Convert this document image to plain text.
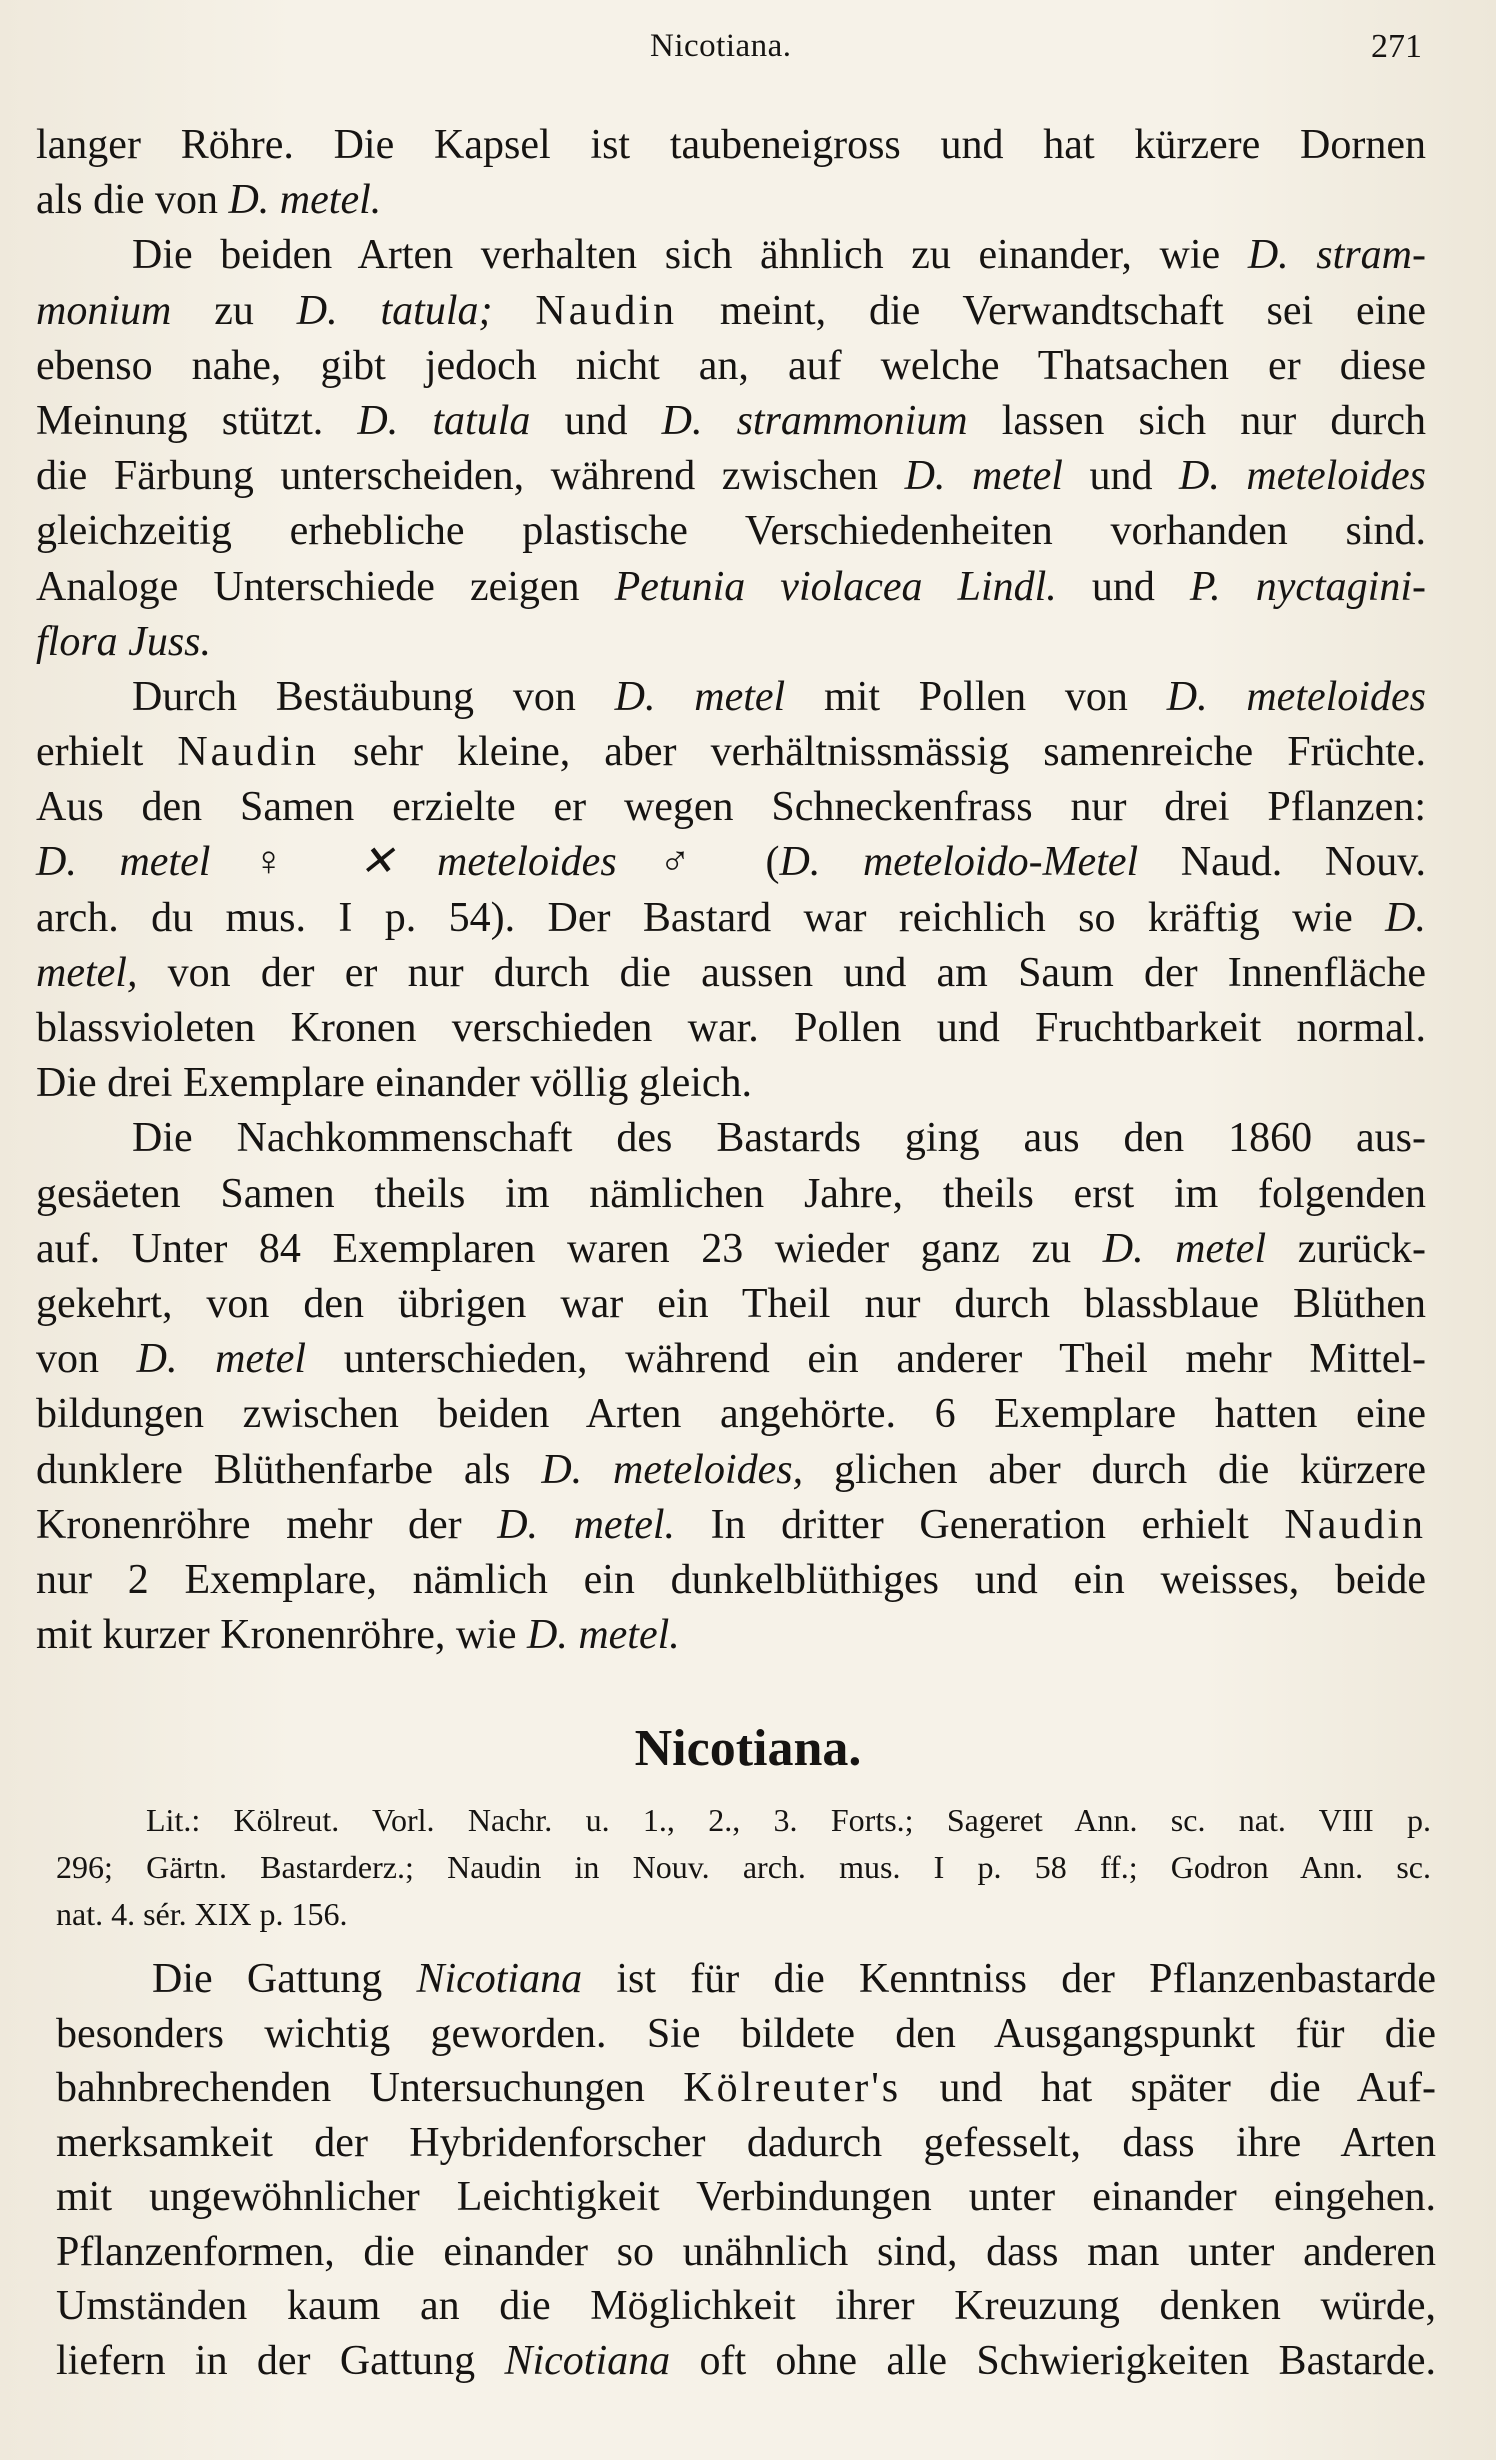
Nicotiana.	271
langer Röhre. Die Kapsel ist taubeneigross und hat kürzere Dornen
als die von D. metel.
Die beiden Arten verhalten sich ähnlich zu einander, wie D. stram-
monium zu D. tatula; Naudin meint, die Verwandtschaft sei eine
ebenso nahe, gibt jedoch nicht an, auf welche Thatsachen er diese
Meinung stützt. D. tatula und D. strammonium lassen sich nur durch
die Färbung unterscheiden, während zwischen D. metel und D. meteloides
gleichzeitig erhebliche plastische Verschiedenheiten vorhanden sind.
Analoge Unterschiede zeigen Petunia violacea Lindl. und P. nyctagini-
flora Juss.
Durch Bestäubung von D. metel mit Pollen von D. meteloides
erhielt Naudin sehr kleine, aber verhältnissmässig samenreiche Früchte.
Aus den Samen erzielte er wegen Schneckenfrass nur drei Pflanzen:
D. metel ♀ ✕ meteloides ♂ (D. meteloido-Metel Naud. Nouv.
arch. du mus. I p. 54). Der Bastard war reichlich so kräftig wie D.
metel, von der er nur durch die aussen und am Saum der Innenfläche
blassvioleten Kronen verschieden war. Pollen und Fruchtbarkeit normal.
Die drei Exemplare einander völlig gleich.
Die Nachkommenschaft des Bastards ging aus den 1860 aus-
gesäeten Samen theils im nämlichen Jahre, theils erst im folgenden
auf. Unter 84 Exemplaren waren 23 wieder ganz zu D. metel zurück-
gekehrt, von den übrigen war ein Theil nur durch blassblaue Blüthen
von D. metel unterschieden, während ein anderer Theil mehr Mittel-
bildungen zwischen beiden Arten angehörte. 6 Exemplare hatten eine
dunklere Blüthenfarbe als D. meteloides, glichen aber durch die kürzere
Kronenröhre mehr der D. metel. In dritter Generation erhielt Naudin
nur 2 Exemplare, nämlich ein dunkelblüthiges und ein weisses, beide
mit kurzer Kronenröhre, wie D. metel.
Nicotiana.
Lit.: Kölreut. Vorl. Nachr. u. 1., 2., 3. Forts.; Sageret Ann. sc. nat. VIII p.
296; Gärtn. Bastarderz.; Naudin in Nouv. arch. mus. I p. 58 ff.; Godron Ann. sc.
nat. 4. sér. XIX p. 156.
Die Gattung Nicotiana ist für die Kenntniss der Pflanzenbastarde
besonders wichtig geworden. Sie bildete den Ausgangspunkt für die
bahnbrechenden Untersuchungen Kölreuter's und hat später die Auf-
merksamkeit der Hybridenforscher dadurch gefesselt, dass ihre Arten
mit ungewöhnlicher Leichtigkeit Verbindungen unter einander eingehen.
Pflanzenformen, die einander so unähnlich sind, dass man unter anderen
Umständen kaum an die Möglichkeit ihrer Kreuzung denken würde,
liefern in der Gattung Nicotiana oft ohne alle Schwierigkeiten Bastarde.
